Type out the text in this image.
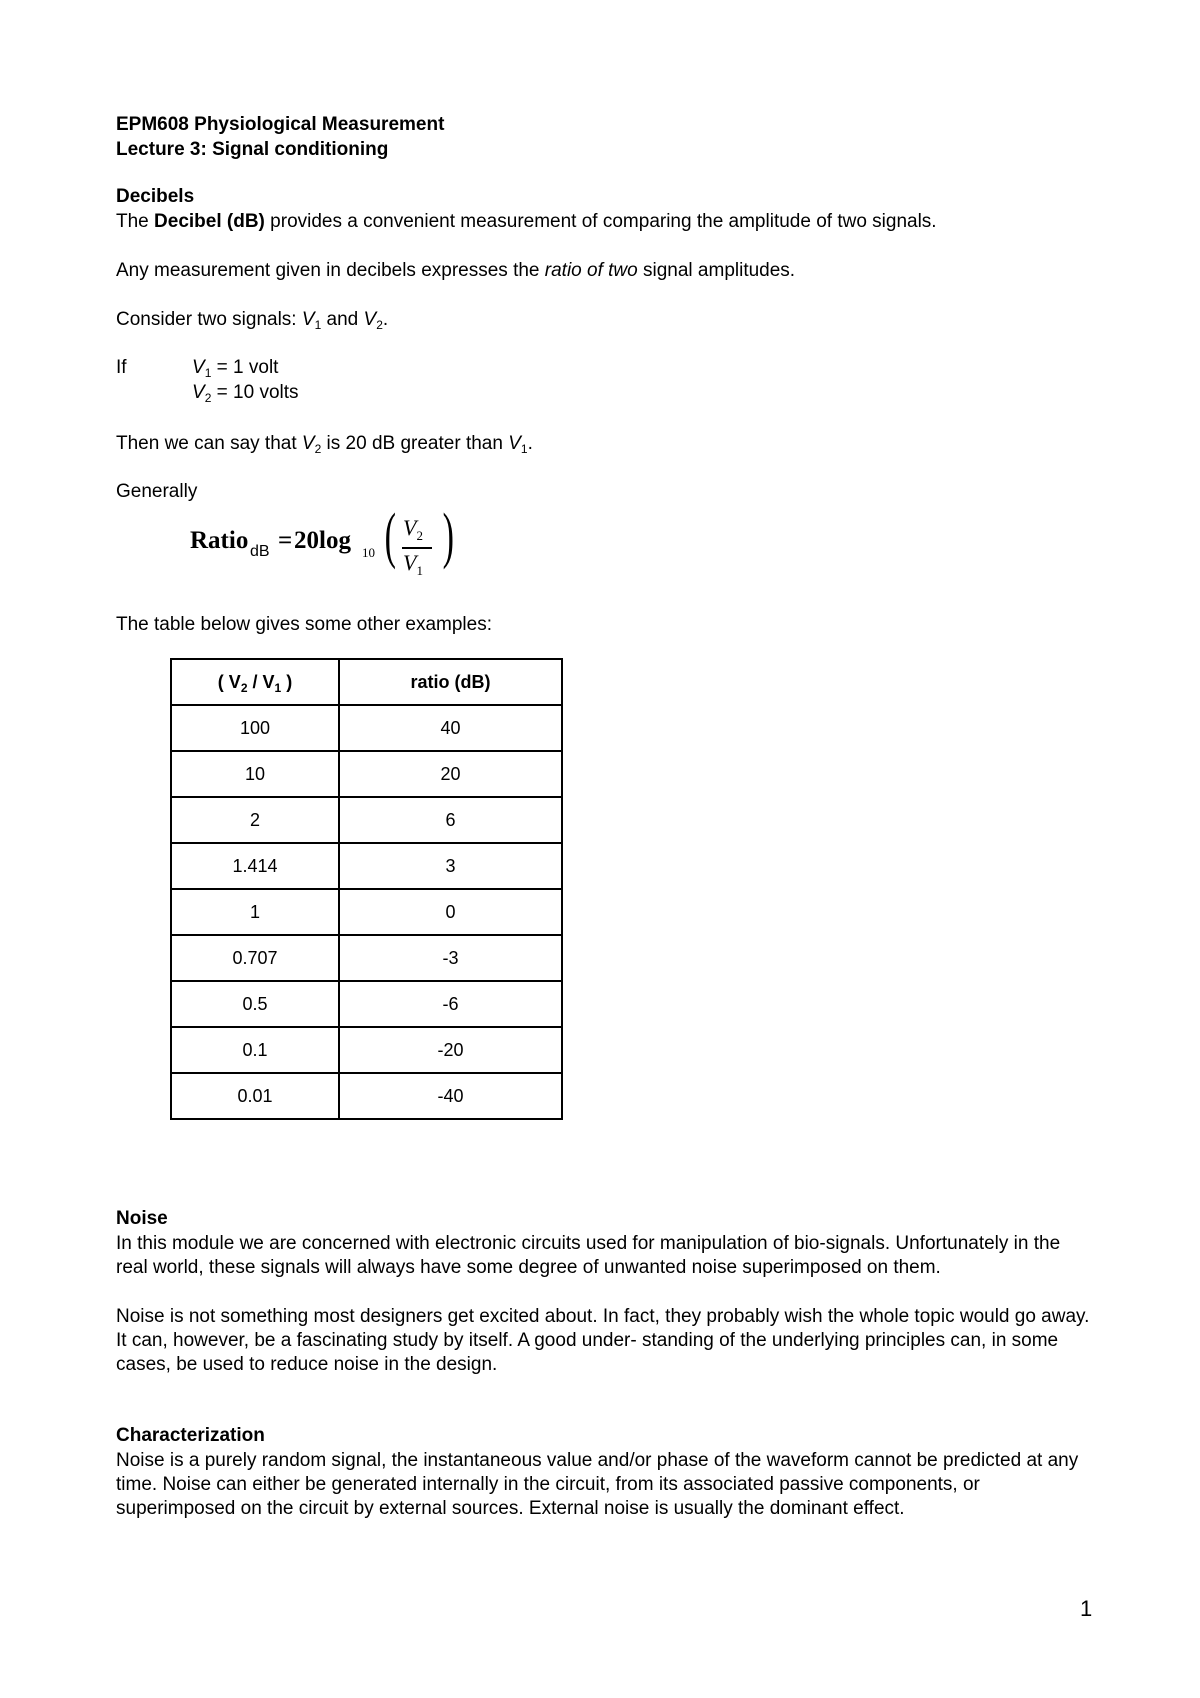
EPM608 Physiological Measurement
Lecture 3: Signal conditioning
Decibels
The Decibel (dB) provides a convenient measurement of comparing the amplitude of two signals.
Any measurement given in decibels expresses the ratio of two signal amplitudes.
Consider two signals: $V_1$ and $V_2$.
If	$V_1 = 1$ volt
$V_2 = 10$ volts
Then we can say that $V_2$ is 20 dB greater than $V_1$.
Generally
Ratio dB = 20log 10 ( $V_2$
$V_1$
)
The table below gives some other examples:
( $V_2 / V_1$ )	ratio (dB)
100	40
10	20
2	6
1.414	3
1	0
0.707	-3
0.5	-6
0.1	-20
0.01	-40
Noise
In this module we are concerned with electronic circuits used for manipulation of bio-signals. Unfortunately in the real world, these signals will always have some degree of unwanted noise superimposed on them.
Noise is not something most designers get excited about. In fact, they probably wish the whole topic would go away. It can, however, be a fascinating study by itself. A good under- standing of the underlying principles can, in some cases, be used to reduce noise in the design.
Characterization
Noise is a purely random signal, the instantaneous value and/or phase of the waveform cannot be predicted at any time. Noise can either be generated internally in the circuit, from its associated passive components, or superimposed on the circuit by external sources. External noise is usually the dominant effect.
1
